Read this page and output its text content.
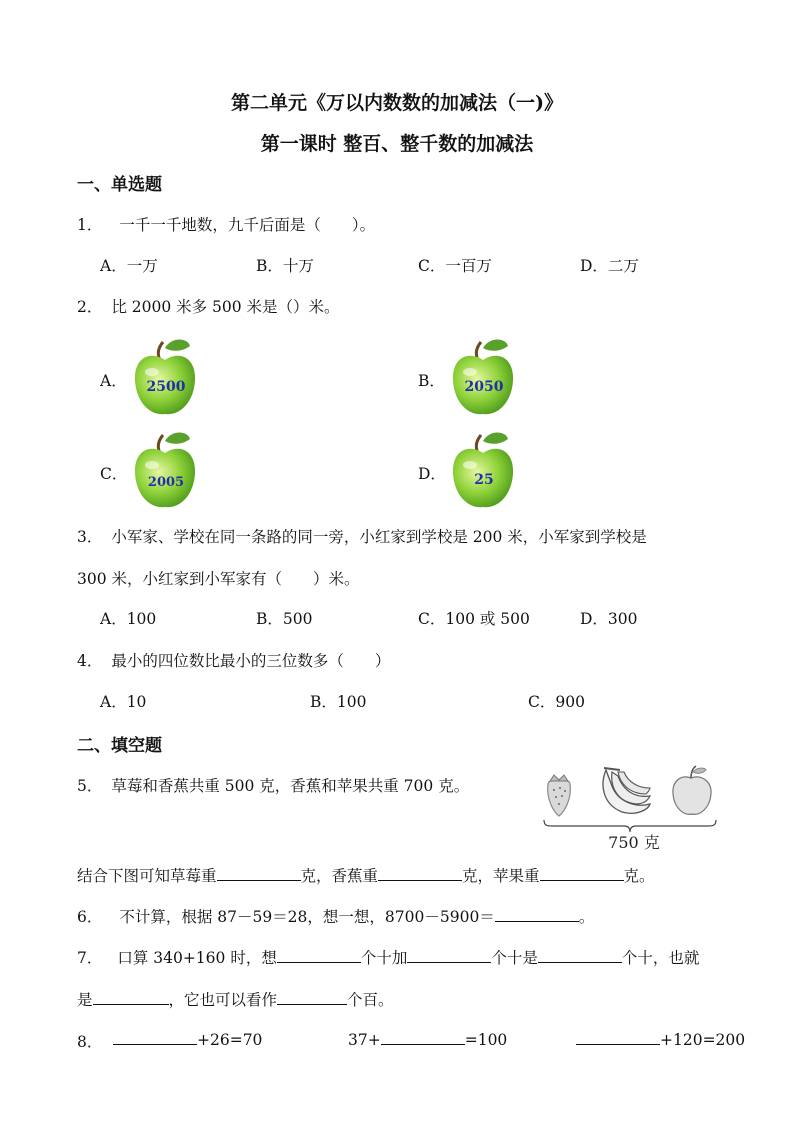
第二单元《万以内数数的加减法（一)》
第一课时 整百、整千数的加减法
一、单选题
1． 一千一千地数，九千后面是（　　）。
A．一万	B．十万	C．一百万	D．二万
2． 比 2000 米多 500 米是（）米。
A．	B．
C．	D．
2500	2050
2005	25
3． 小军家、学校在同一条路的同一旁，小红家到学校是 200 米，小军家到学校是
300 米，小红家到小军家有（　　）米。
A．100	B．500	C．100 或 500	D．300
4． 最小的四位数比最小的三位数多（　　）
A．10	B．100	C．900
二、填空题
5． 草莓和香蕉共重 500 克，香蕉和苹果共重 700 克。
750 克
结合下图可知草莓重	克，香蕉重	克，苹果重	克。
6． 不计算，根据 87－59＝28，想一想，8700－5900＝	。
7． 口算 340+160 时，想	个十加	个十是	个十，也就
是	，它也可以看作	个百。
8．	+26=70	37+	=100	+120=200
